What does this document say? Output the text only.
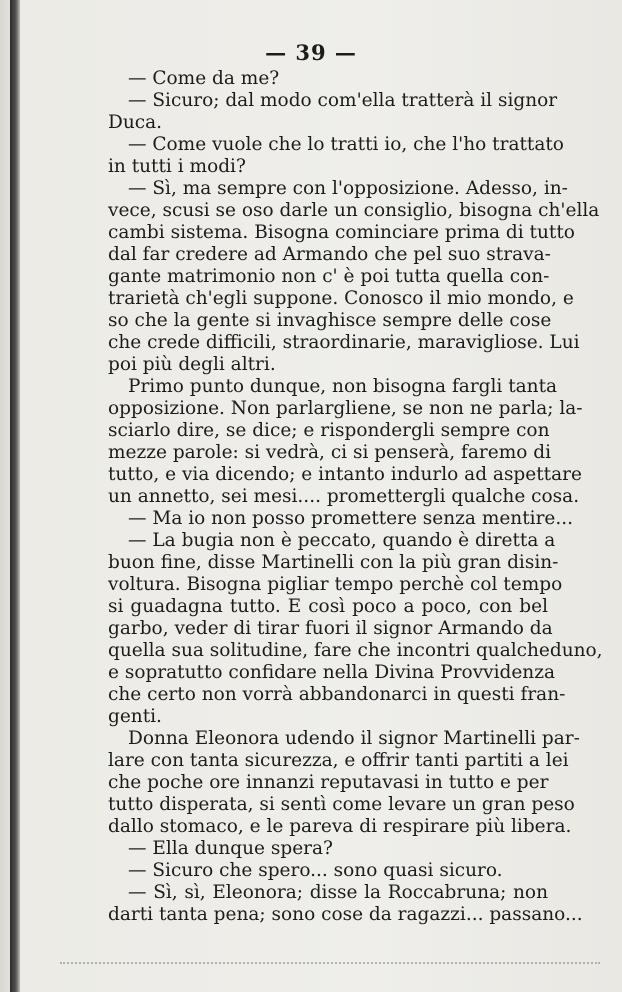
— 39 —
— Come da me?
— Sicuro; dal modo com'ella tratterà il signor
Duca.
— Come vuole che lo tratti io, che l'ho trattato
in tutti i modi?
— Sì, ma sempre con l'opposizione. Adesso, in-
vece, scusi se oso darle un consiglio, bisogna ch'ella
cambi sistema. Bisogna cominciare prima di tutto
dal far credere ad Armando che pel suo strava-
gante matrimonio non c' è poi tutta quella con-
trarietà ch'egli suppone. Conosco il mio mondo, e
so che la gente si invaghisce sempre delle cose
che crede difficili, straordinarie, maravigliose. Lui
poi più degli altri.
Primo punto dunque, non bisogna fargli tanta
opposizione. Non parlargliene, se non ne parla; la-
sciarlo dire, se dice; e rispondergli sempre con
mezze parole: si vedrà, ci si penserà, faremo di
tutto, e via dicendo; e intanto indurlo ad aspettare
un annetto, sei mesi.... promettergli qualche cosa.
— Ma io non posso promettere senza mentire...
— La bugia non è peccato, quando è diretta a
buon fine, disse Martinelli con la più gran disin-
voltura. Bisogna pigliar tempo perchè col tempo
si guadagna tutto. E così poco a poco, con bel
garbo, veder di tirar fuori il signor Armando da
quella sua solitudine, fare che incontri qualcheduno,
e sopratutto confidare nella Divina Provvidenza
che certo non vorrà abbandonarci in questi fran-
genti.
Donna Eleonora udendo il signor Martinelli par-
lare con tanta sicurezza, e offrir tanti partiti a lei
che poche ore innanzi reputavasi in tutto e per
tutto disperata, si sentì come levare un gran peso
dallo stomaco, e le pareva di respirare più libera.
— Ella dunque spera?
— Sicuro che spero... sono quasi sicuro.
— Sì, sì, Eleonora; disse la Roccabruna; non
darti tanta pena; sono cose da ragazzi... passano...
